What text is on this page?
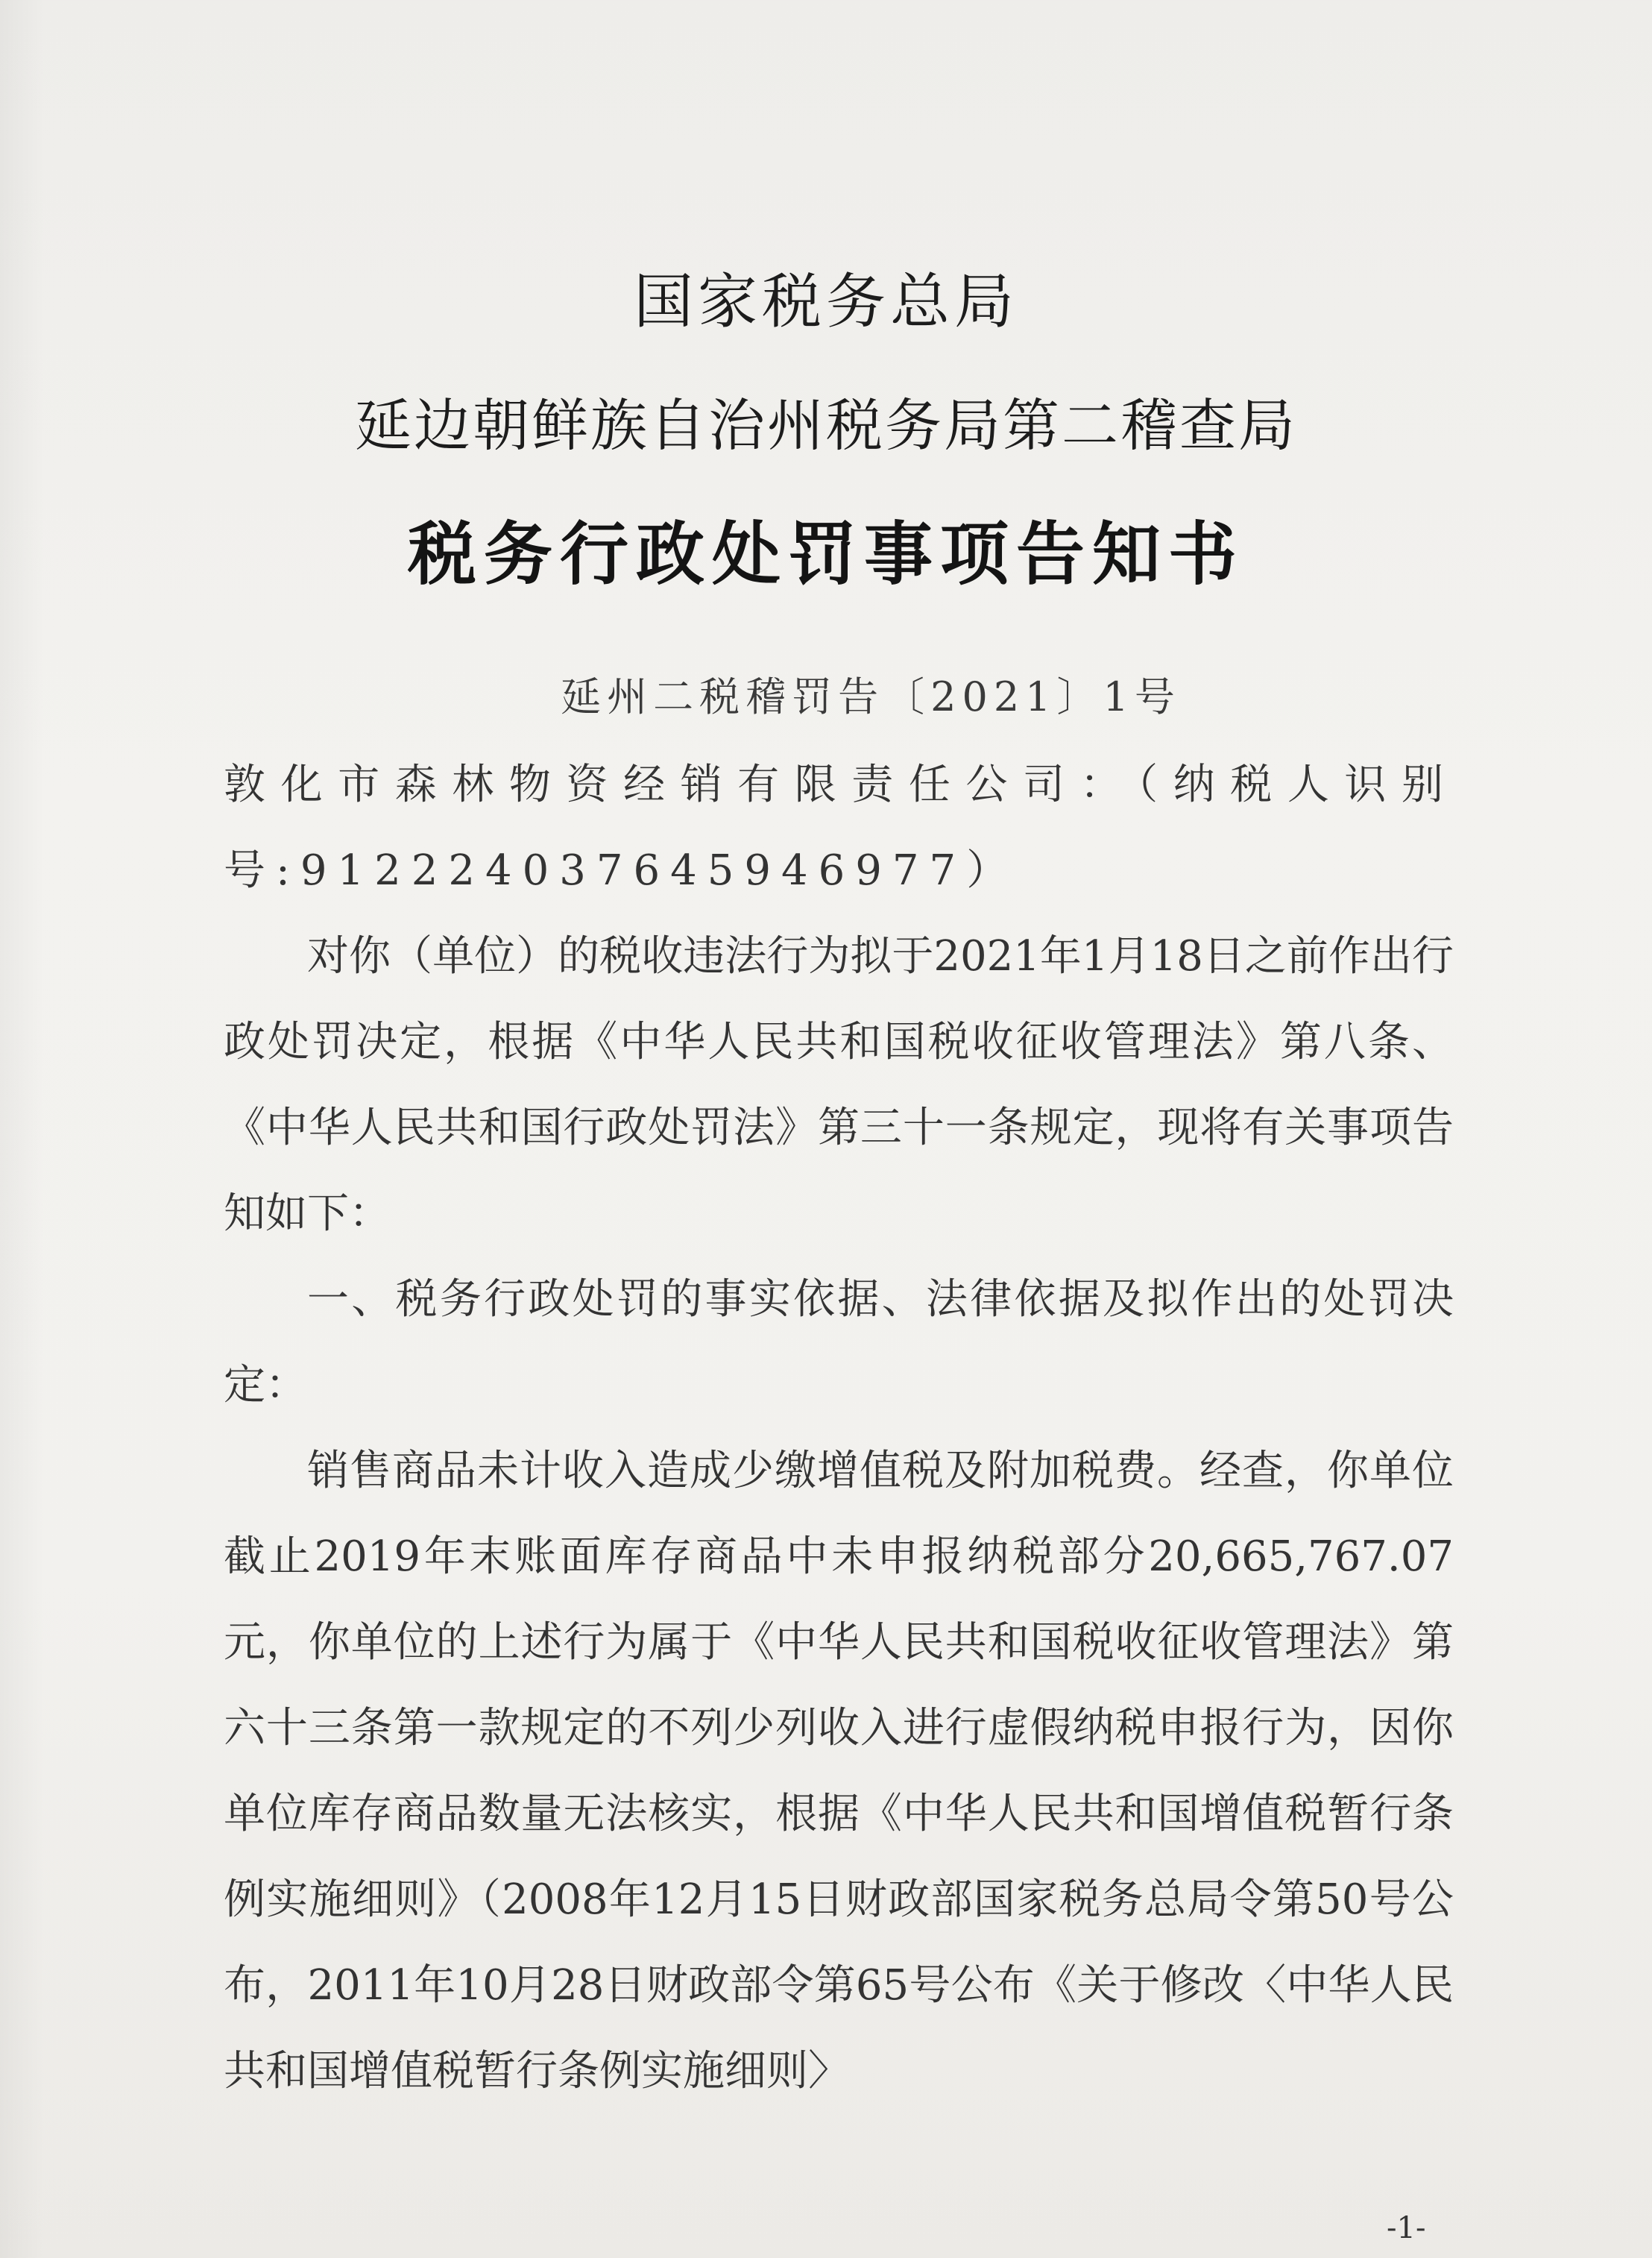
国家税务总局
延边朝鲜族自治州税务局第二稽查局
税务行政处罚事项告知书
延州二税稽罚告〔2021〕1号

敦化市森林物资经销有限责任公司：（纳税人识别号:912224037645946977）

对你（单位）的税收违法行为拟于2021年1月18日之前作出行政处罚决定，根据《中华人民共和国税收征收管理法》第八条、《中华人民共和国行政处罚法》第三十一条规定，现将有关事项告知如下：

一、税务行政处罚的事实依据、法律依据及拟作出的处罚决定：

销售商品未计收入造成少缴增值税及附加税费。经查，你单位截止2019年末账面库存商品中未申报纳税部分20,665,767.07元，你单位的上述行为属于《中华人民共和国税收征收管理法》第六十三条第一款规定的不列少列收入进行虚假纳税申报行为，因你单位库存商品数量无法核实，根据《中华人民共和国增值税暂行条例实施细则》（2008年12月15日财政部国家税务总局令第50号公布，2011年10月28日财政部令第65号公布《关于修改〈中华人民共和国增值税暂行条例实施细则〉

-1-
